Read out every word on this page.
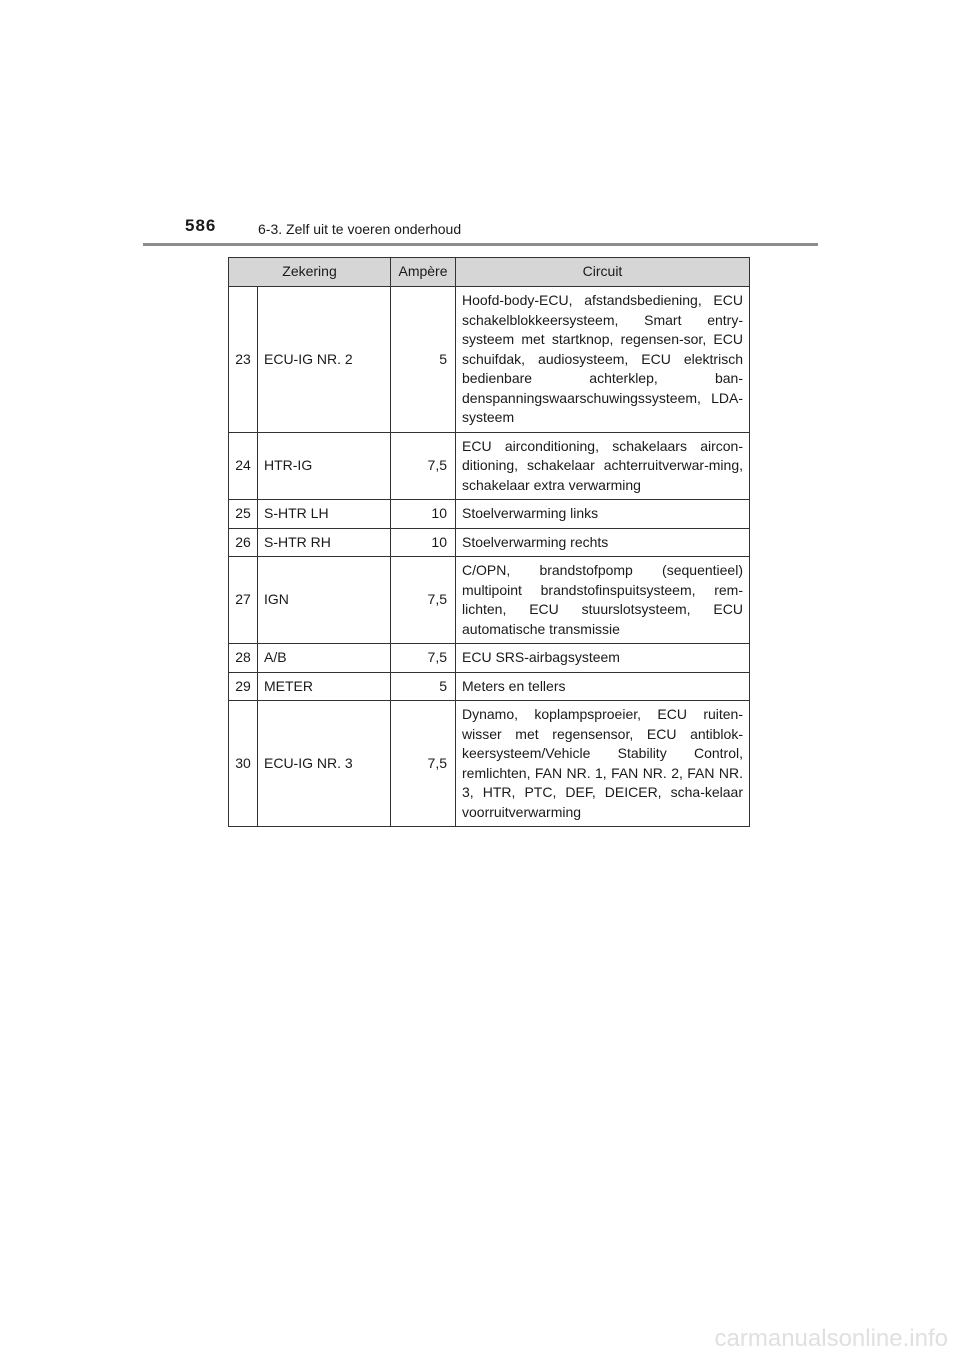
586	6-3. Zelf uit te voeren onderhoud
Zekering		Ampère	Circuit
23	ECU-IG NR. 2	5	Hoofd-body-ECU, afstandsbediening, ECU schakelblokkeersysteem, Smart entry-systeem met startknop, regensen-sor, ECU schuifdak, audiosysteem, ECU elektrisch bedienbare achterklep, ban-denspanningswaarschuwingssysteem, LDA-systeem
24	HTR-IG	7,5	ECU airconditioning, schakelaars aircon-ditioning, schakelaar achterruitverwar-ming, schakelaar extra verwarming
25	S-HTR LH	10	Stoelverwarming links
26	S-HTR RH	10	Stoelverwarming rechts
27	IGN	7,5	C/OPN, brandstofpomp (sequentieel) multipoint brandstofinspuitsysteem, rem-lichten, ECU stuurslotsysteem, ECU automatische transmissie
28	A/B	7,5	ECU SRS-airbagsysteem
29	METER	5	Meters en tellers
30	ECU-IG NR. 3	7,5	Dynamo, koplampsproeier, ECU ruiten-wisser met regensensor, ECU antiblok-keersysteem/Vehicle Stability Control, remlichten, FAN NR. 1, FAN NR. 2, FAN NR. 3, HTR, PTC, DEF, DEICER, scha-kelaar voorruitverwarming
carmanualsonline.info
